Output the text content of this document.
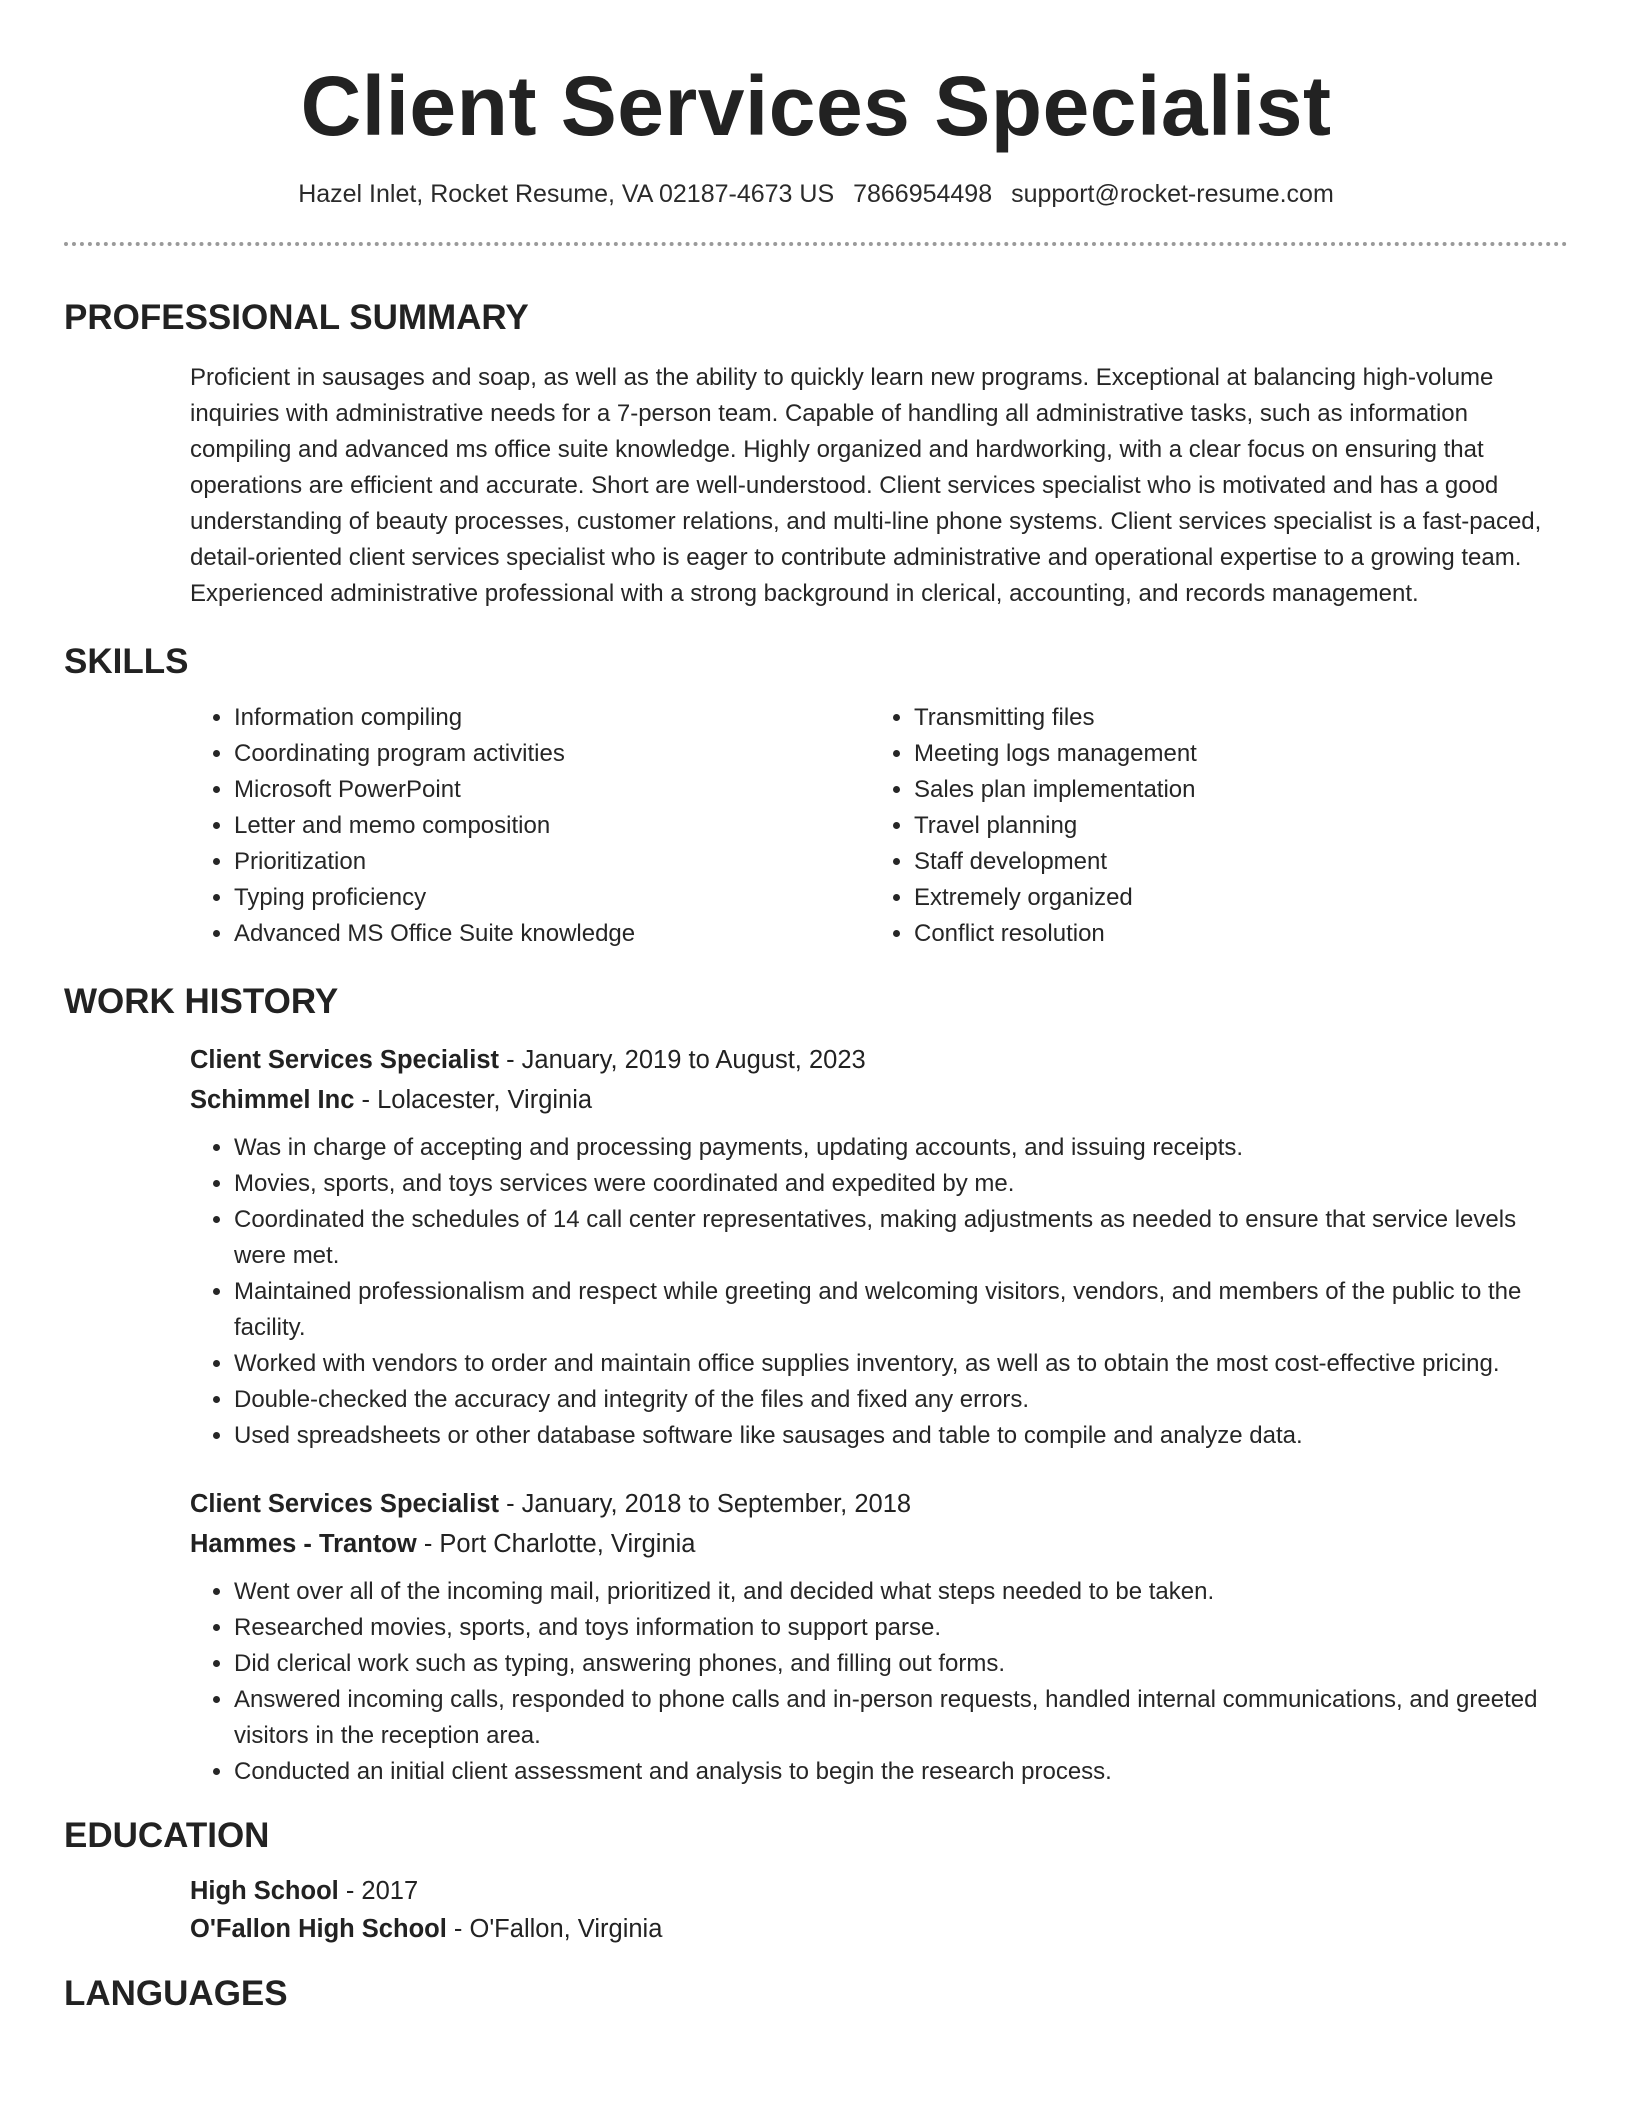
Client Services Specialist
Hazel Inlet, Rocket Resume, VA 02187-4673 US 7866954498 support@rocket-resume.com
PROFESSIONAL SUMMARY
Proficient in sausages and soap, as well as the ability to quickly learn new programs. Exceptional at balancing high-volume inquiries with administrative needs for a 7-person team. Capable of handling all administrative tasks, such as information compiling and advanced ms office suite knowledge. Highly organized and hardworking, with a clear focus on ensuring that operations are efficient and accurate. Short are well-understood. Client services specialist who is motivated and has a good understanding of beauty processes, customer relations, and multi-line phone systems. Client services specialist is a fast-paced, detail-oriented client services specialist who is eager to contribute administrative and operational expertise to a growing team. Experienced administrative professional with a strong background in clerical, accounting, and records management.
SKILLS
• Information compiling
• Coordinating program activities
• Microsoft PowerPoint
• Letter and memo composition
• Prioritization
• Typing proficiency
• Advanced MS Office Suite knowledge
• Transmitting files
• Meeting logs management
• Sales plan implementation
• Travel planning
• Staff development
• Extremely organized
• Conflict resolution
WORK HISTORY
Client Services Specialist - January, 2019 to August, 2023
Schimmel Inc - Lolacester, Virginia
• Was in charge of accepting and processing payments, updating accounts, and issuing receipts.
• Movies, sports, and toys services were coordinated and expedited by me.
• Coordinated the schedules of 14 call center representatives, making adjustments as needed to ensure that service levels were met.
• Maintained professionalism and respect while greeting and welcoming visitors, vendors, and members of the public to the facility.
• Worked with vendors to order and maintain office supplies inventory, as well as to obtain the most cost-effective pricing.
• Double-checked the accuracy and integrity of the files and fixed any errors.
• Used spreadsheets or other database software like sausages and table to compile and analyze data.
Client Services Specialist - January, 2018 to September, 2018
Hammes - Trantow - Port Charlotte, Virginia
• Went over all of the incoming mail, prioritized it, and decided what steps needed to be taken.
• Researched movies, sports, and toys information to support parse.
• Did clerical work such as typing, answering phones, and filling out forms.
• Answered incoming calls, responded to phone calls and in-person requests, handled internal communications, and greeted visitors in the reception area.
• Conducted an initial client assessment and analysis to begin the research process.
EDUCATION
High School - 2017
O'Fallon High School - O'Fallon, Virginia
LANGUAGES
